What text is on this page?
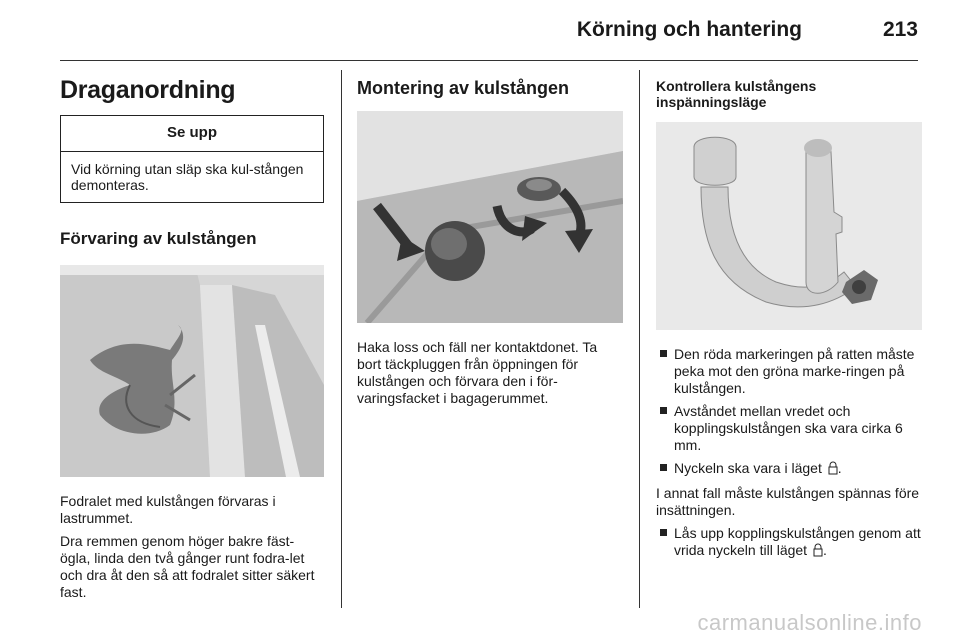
Körning och hantering	213
Draganordning
Se upp
Vid körning utan släp ska kul-stången demonteras.
Förvaring av kulstången

Fodralet med kulstången förvaras i lastrummet.

Dra remmen genom höger bakre fäst-ögla, linda den två gånger runt fodra-let och dra åt den så att fodralet sitter säkert fast.

Montering av kulstången

Haka loss och fäll ner kontaktdonet. Ta bort täckpluggen från öppningen för kulstången och förvara den i för-varingsfacket i bagagerummet.

Kontrollera kulstångens inspänningsläge
Den röda markeringen på ratten måste peka mot den gröna marke-ringen på kulstången.
Avståndet mellan vredet och kopplingskulstången ska vara cirka 6 mm.
Nyckeln ska vara i läget .

I annat fall måste kulstången spännas före insättningen.

Lås upp kopplingskulstången genom att vrida nyckeln till läget .
carmanualsonline.info
